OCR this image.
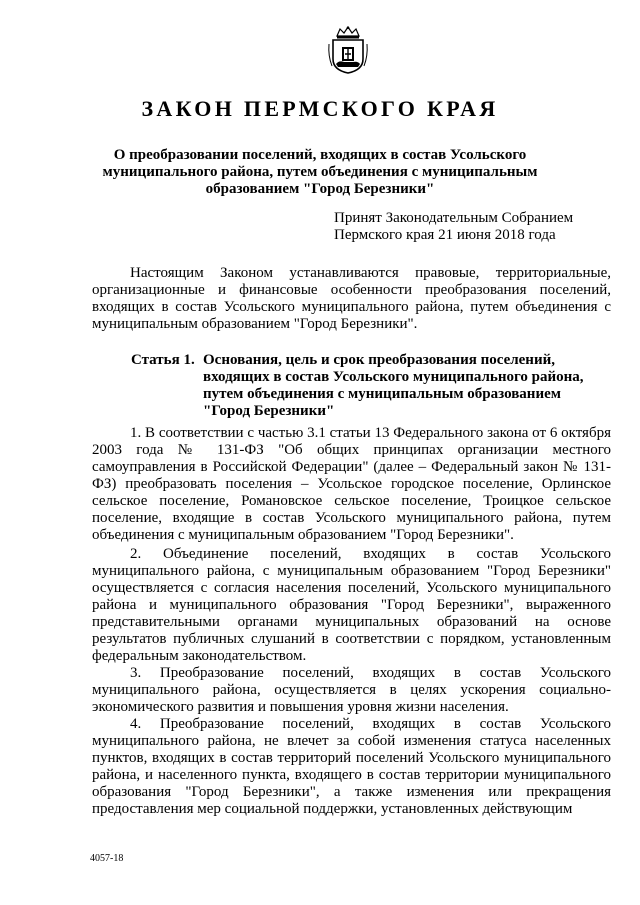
ЗАКОН ПЕРМСКОГО КРАЯ
О преобразовании поселений, входящих в состав Усольского муниципального района, путем объединения с муниципальным образованием "Город Березники"
Принят Законодательным Собранием
Пермского края 21 июня 2018 года
Настоящим Законом устанавливаются правовые, территориальные, организационные и финансовые особенности преобразования поселений, входящих в состав Усольского муниципального района, путем объединения с муниципальным образованием "Город Березники".
Статья 1. Основания, цель и срок преобразования поселений, входящих в состав Усольского муниципального района, путем объединения с муниципальным образованием "Город Березники"
1. В соответствии с частью 3.1 статьи 13 Федерального закона от 6 октября 2003 года № 131-ФЗ "Об общих принципах организации местного самоуправления в Российской Федерации" (далее – Федеральный закон № 131-ФЗ) преобразовать поселения – Усольское городское поселение, Орлинское сельское поселение, Романовское сельское поселение, Троицкое сельское поселение, входящие в состав Усольского муниципального района, путем объединения с муниципальным образованием "Город Березники".
2. Объединение поселений, входящих в состав Усольского муниципального района, с муниципальным образованием "Город Березники" осуществляется с согласия населения поселений, Усольского муниципального района и муниципального образования "Город Березники", выраженного представительными органами муниципальных образований на основе результатов публичных слушаний в соответствии с порядком, установленным федеральным законодательством.
3. Преобразование поселений, входящих в состав Усольского муниципального района, осуществляется в целях ускорения социально-экономического развития и повышения уровня жизни населения.
4. Преобразование поселений, входящих в состав Усольского муниципального района, не влечет за собой изменения статуса населенных пунктов, входящих в состав территорий поселений Усольского муниципального района, и населенного пункта, входящего в состав территории муниципального образования "Город Березники", а также изменения или прекращения предоставления мер социальной поддержки, установленных действующим
4057-18
